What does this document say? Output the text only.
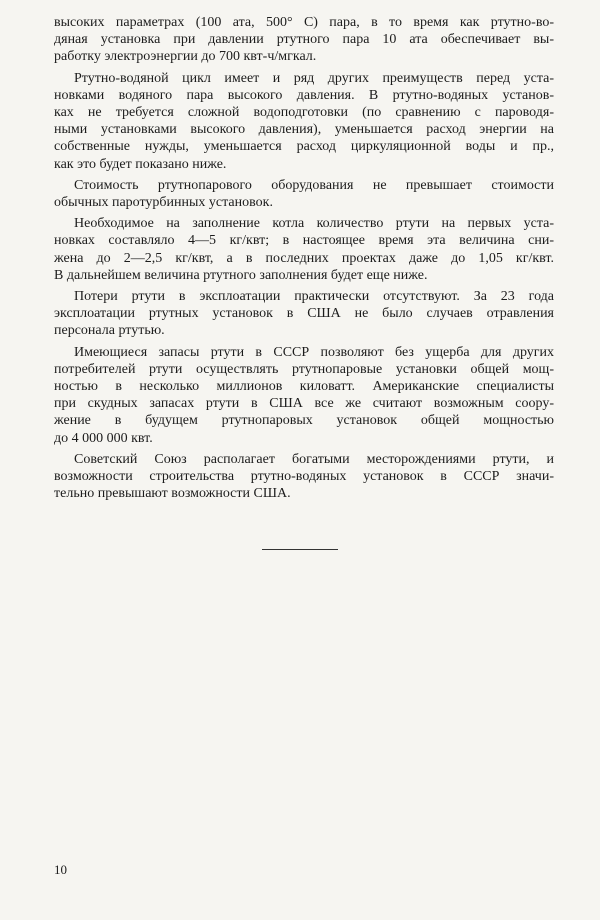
высоких параметрах (100 ата, 500° С) пара, в то время как ртутно-во-
дяная установка при давлении ртутного пара 10 ата обеспечивает вы-
работку электроэнергии до 700 квт-ч/мгкал.
Ртутно-водяной цикл имеет и ряд других преимуществ перед уста-
новками водяного пара высокого давления. В ртутно-водяных установ-
ках не требуется сложной водоподготовки (по сравнению с пароводя-
ными установками высокого давления), уменьшается расход энергии на
собственные нужды, уменьшается расход циркуляционной воды и пр.,
как это будет показано ниже.
Стоимость ртутнопарового оборудования не превышает стоимости
обычных паротурбинных установок.
Необходимое на заполнение котла количество ртути на первых уста-
новках составляло 4—5 кг/квт; в настоящее время эта величина сни-
жена до 2—2,5 кг/квт, а в последних проектах даже до 1,05 кг/квт.
В дальнейшем величина ртутного заполнения будет еще ниже.
Потери ртути в эксплоатации практически отсутствуют. За 23 года
эксплоатации ртутных установок в США не было случаев отравления
персонала ртутью.
Имеющиеся запасы ртути в СССР позволяют без ущерба для других
потребителей ртути осуществлять ртутнопаровые установки общей мощ-
ностью в несколько миллионов киловатт. Американские специалисты
при скудных запасах ртути в США все же считают возможным соору-
жение в будущем ртутнопаровых установок общей мощностью
до 4 000 000 квт.
Советский Союз располагает богатыми месторождениями ртути, и
возможности строительства ртутно-водяных установок в СССР значи-
тельно превышают возможности США.
10
